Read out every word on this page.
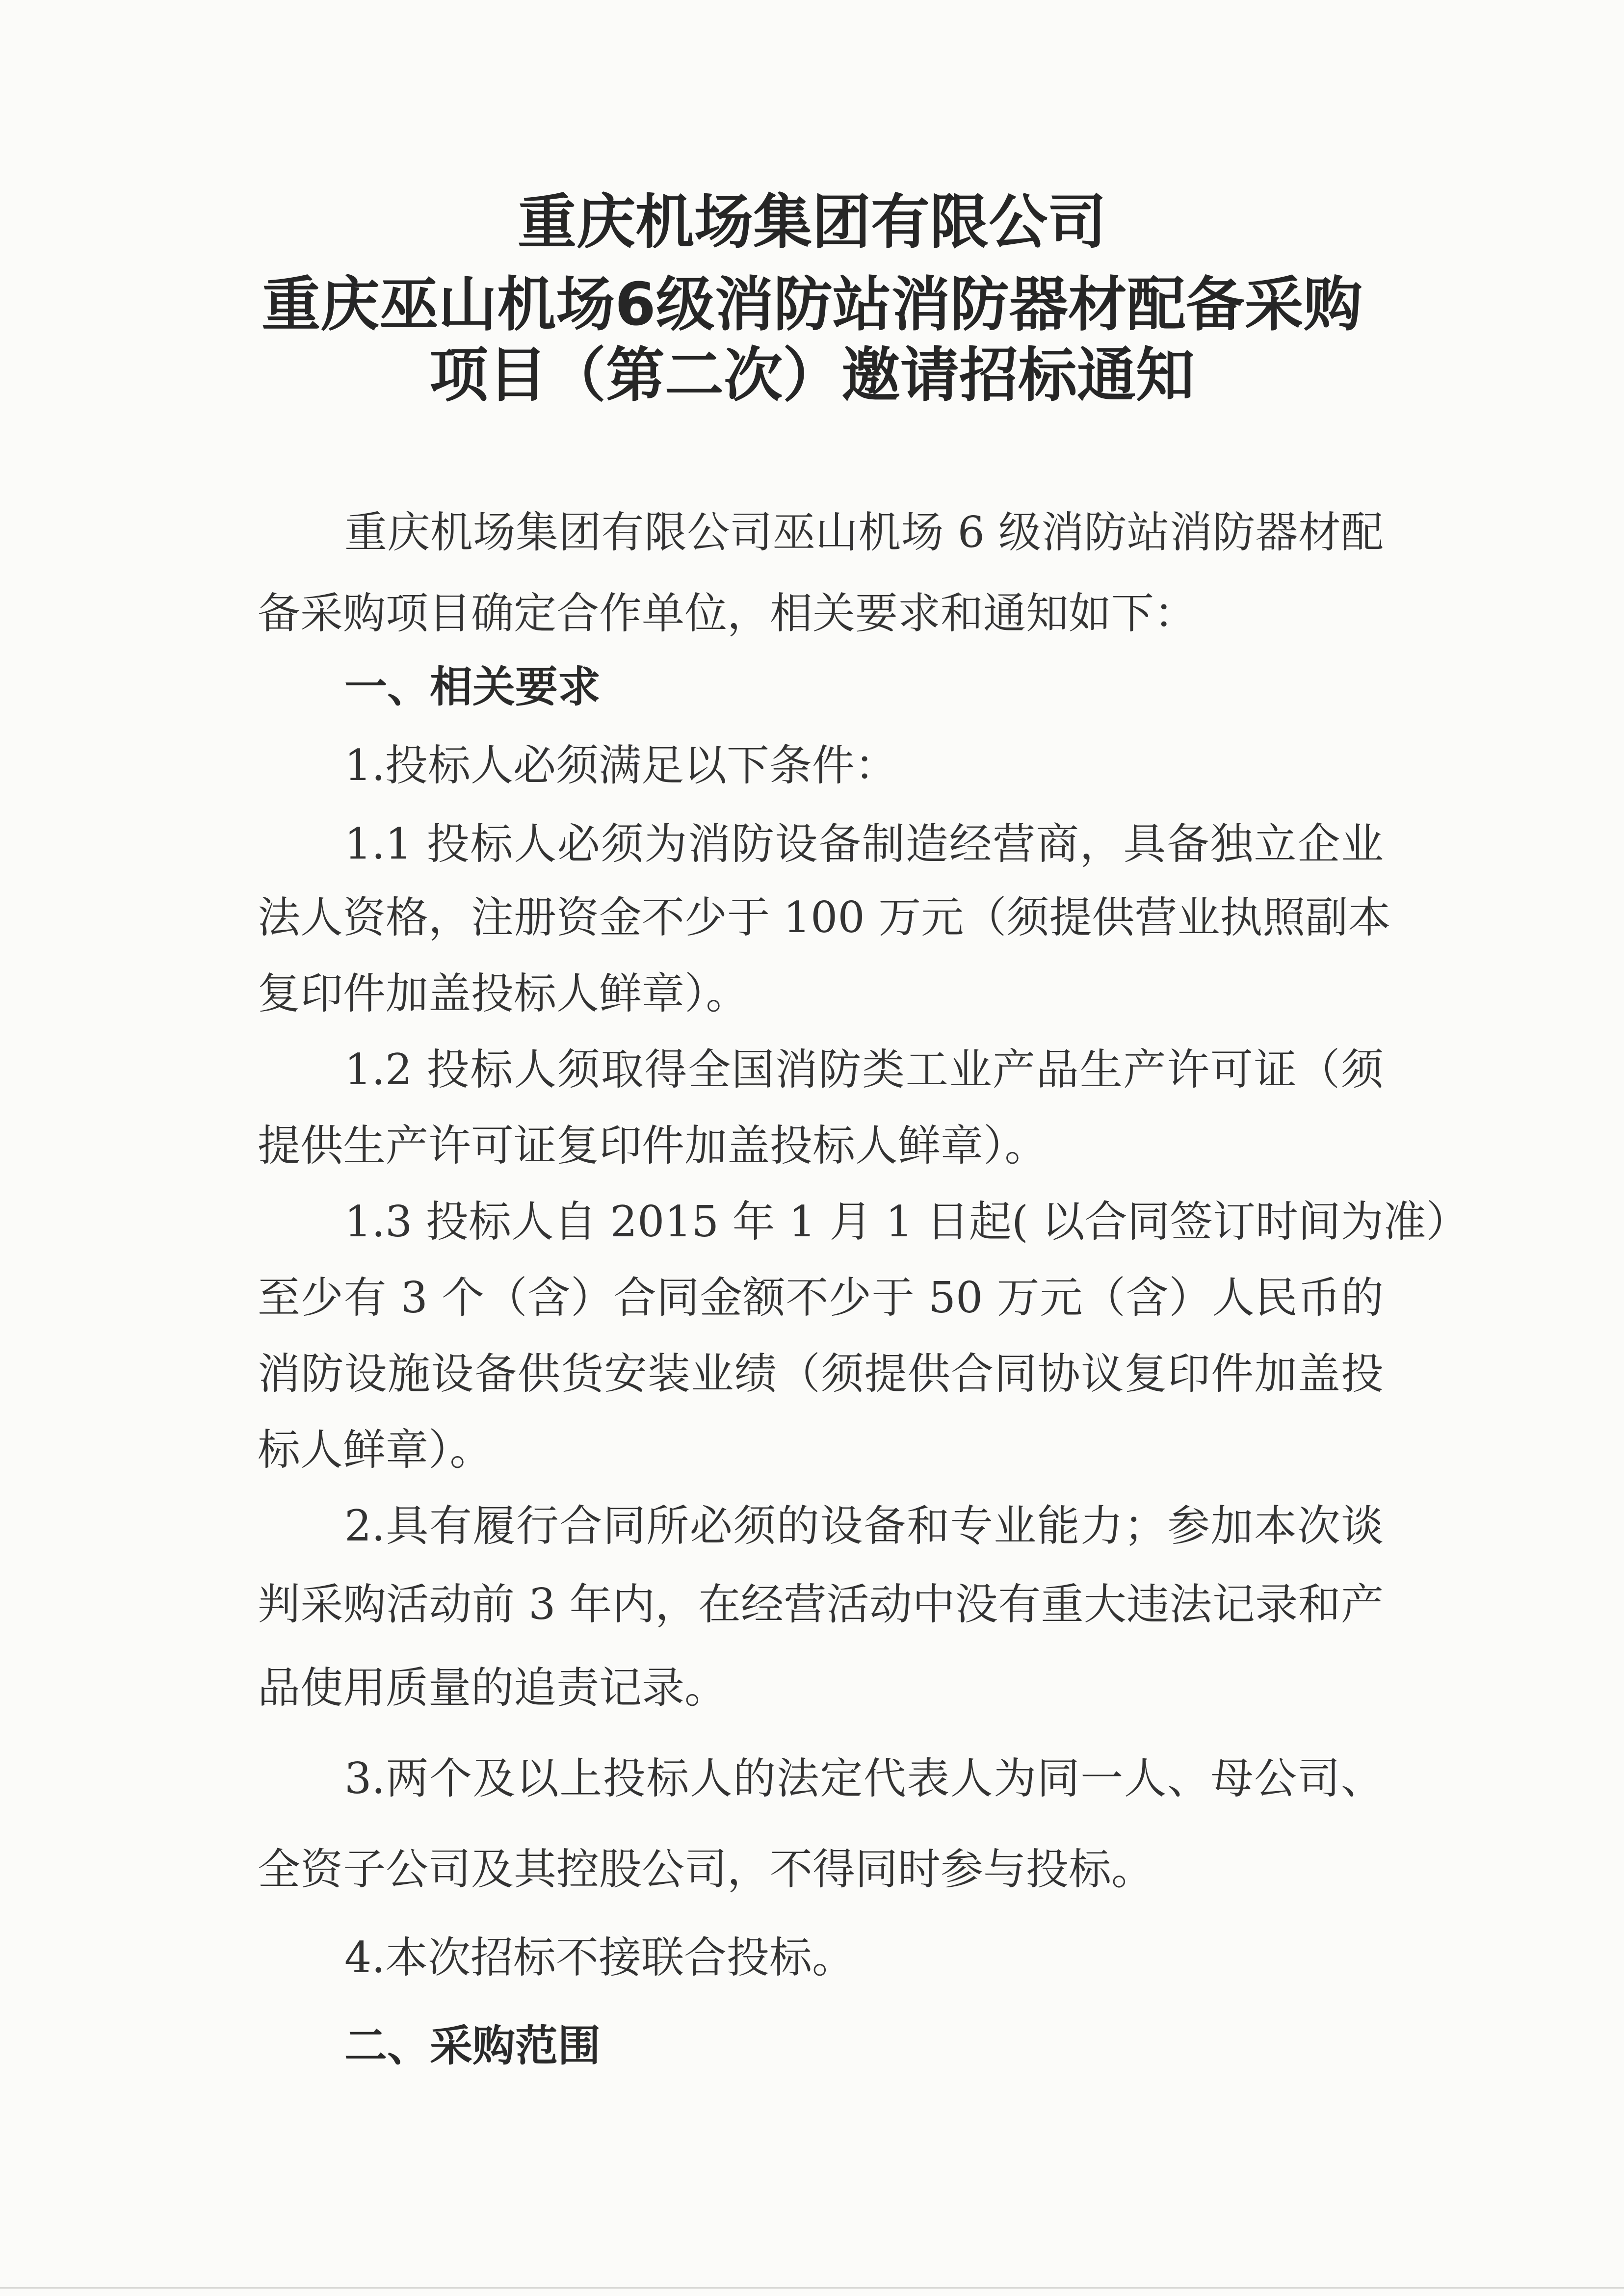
重庆机场集团有限公司
重庆巫山机场6级消防站消防器材配备采购
项目（第二次）邀请招标通知
重庆机场集团有限公司巫山机场 6 级消防站消防器材配
备采购项目确定合作单位，相关要求和通知如下：
一、相关要求
1.投标人必须满足以下条件：
1.1 投标人必须为消防设备制造经营商，具备独立企业
法人资格，注册资金不少于 100 万元（须提供营业执照副本
复印件加盖投标人鲜章）。
1.2 投标人须取得全国消防类工业产品生产许可证（须
提供生产许可证复印件加盖投标人鲜章）。
1.3 投标人自 2015 年 1 月 1 日起( 以合同签订时间为准）
至少有 3 个（含）合同金额不少于 50 万元（含）人民币的
消防设施设备供货安装业绩（须提供合同协议复印件加盖投
标人鲜章）。
2.具有履行合同所必须的设备和专业能力；参加本次谈
判采购活动前 3 年内，在经营活动中没有重大违法记录和产
品使用质量的追责记录。
3.两个及以上投标人的法定代表人为同一人、母公司、
全资子公司及其控股公司，不得同时参与投标。
4.本次招标不接联合投标。
二、采购范围
